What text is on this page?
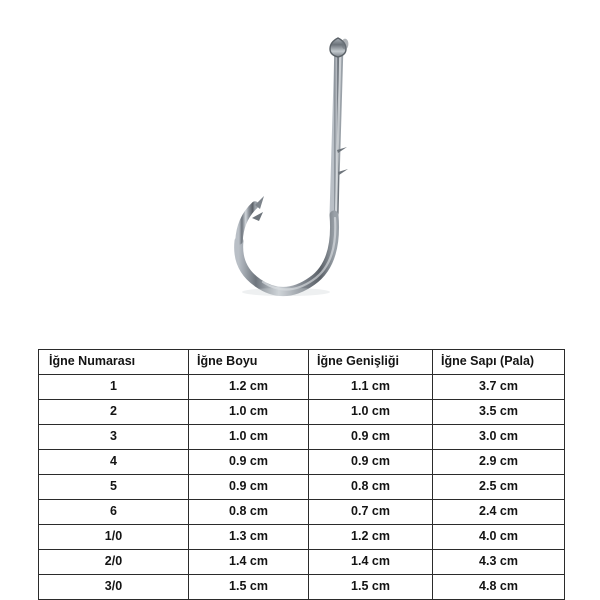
İğne Numarası	İğne Boyu	İğne Genişliği	İğne Sapı (Pala)
1	1.2 cm	1.1 cm	3.7 cm
2	1.0 cm	1.0 cm	3.5 cm
3	1.0 cm	0.9 cm	3.0 cm
4	0.9 cm	0.9 cm	2.9 cm
5	0.9 cm	0.8 cm	2.5 cm
6	0.8 cm	0.7 cm	2.4 cm
1/0	1.3 cm	1.2 cm	4.0 cm
2/0	1.4 cm	1.4 cm	4.3 cm
3/0	1.5 cm	1.5 cm	4.8 cm
